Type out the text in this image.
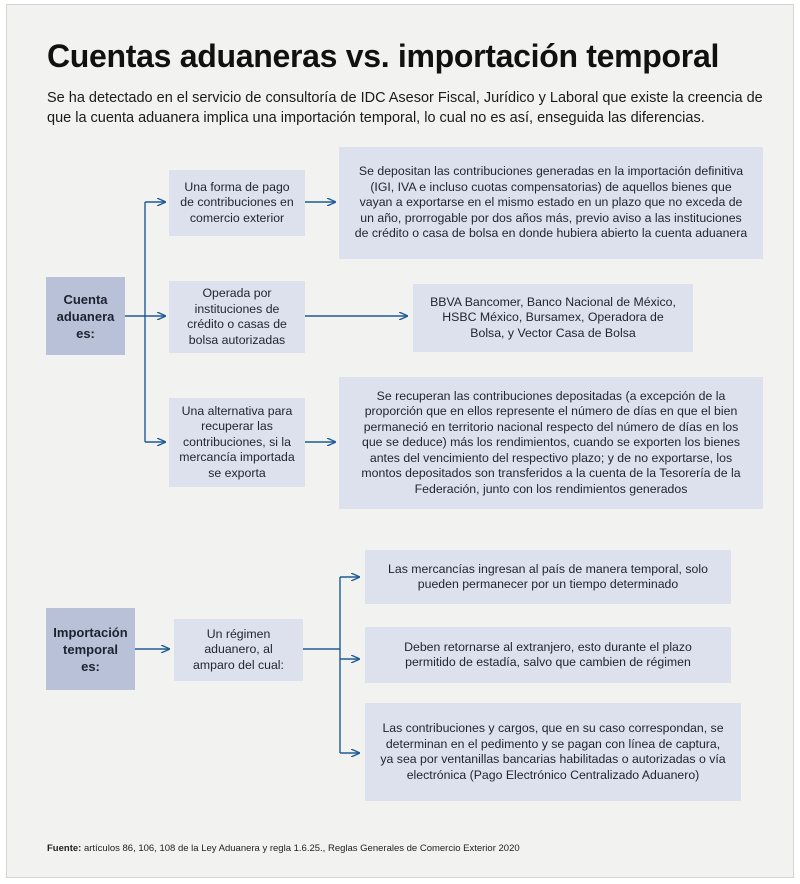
Cuentas aduaneras vs. importación temporal

Se ha detectado en el servicio de consultoría de IDC Asesor Fiscal, Jurídico y Laboral que existe la creencia de que la cuenta aduanera implica una importación temporal, lo cual no es así, enseguida las diferencias.

Cuenta aduanera es:
Una forma de pago de contribuciones en comercio exterior
Se depositan las contribuciones generadas en la importación definitiva (IGI, IVA e incluso cuotas compensatorias) de aquellos bienes que vayan a exportarse en el mismo estado en un plazo que no exceda de un año, prorrogable por dos años más, previo aviso a las instituciones de crédito o casa de bolsa en donde hubiera abierto la cuenta aduanera
Operada por instituciones de crédito o casas de bolsa autorizadas
BBVA Bancomer, Banco Nacional de México, HSBC México, Bursamex, Operadora de Bolsa, y Vector Casa de Bolsa
Una alternativa para recuperar las contribuciones, si la mercancía importada se exporta
Se recuperan las contribuciones depositadas (a excepción de la proporción que en ellos represente el número de días en que el bien permaneció en territorio nacional respecto del número de días en los que se deduce) más los rendimientos, cuando se exporten los bienes antes del vencimiento del respectivo plazo; y de no exportarse, los montos depositados son transferidos a la cuenta de la Tesorería de la Federación, junto con los rendimientos generados
Importación temporal es:
Un régimen aduanero, al amparo del cual:
Las mercancías ingresan al país de manera temporal, solo pueden permanecer por un tiempo determinado
Deben retornarse al extranjero, esto durante el plazo permitido de estadía, salvo que cambien de régimen
Las contribuciones y cargos, que en su caso correspondan, se determinan en el pedimento y se pagan con línea de captura, ya sea por ventanillas bancarias habilitadas o autorizadas o vía electrónica (Pago Electrónico Centralizado Aduanero)
Fuente: artículos 86, 106, 108 de la Ley Aduanera y regla 1.6.25., Reglas Generales de Comercio Exterior 2020
